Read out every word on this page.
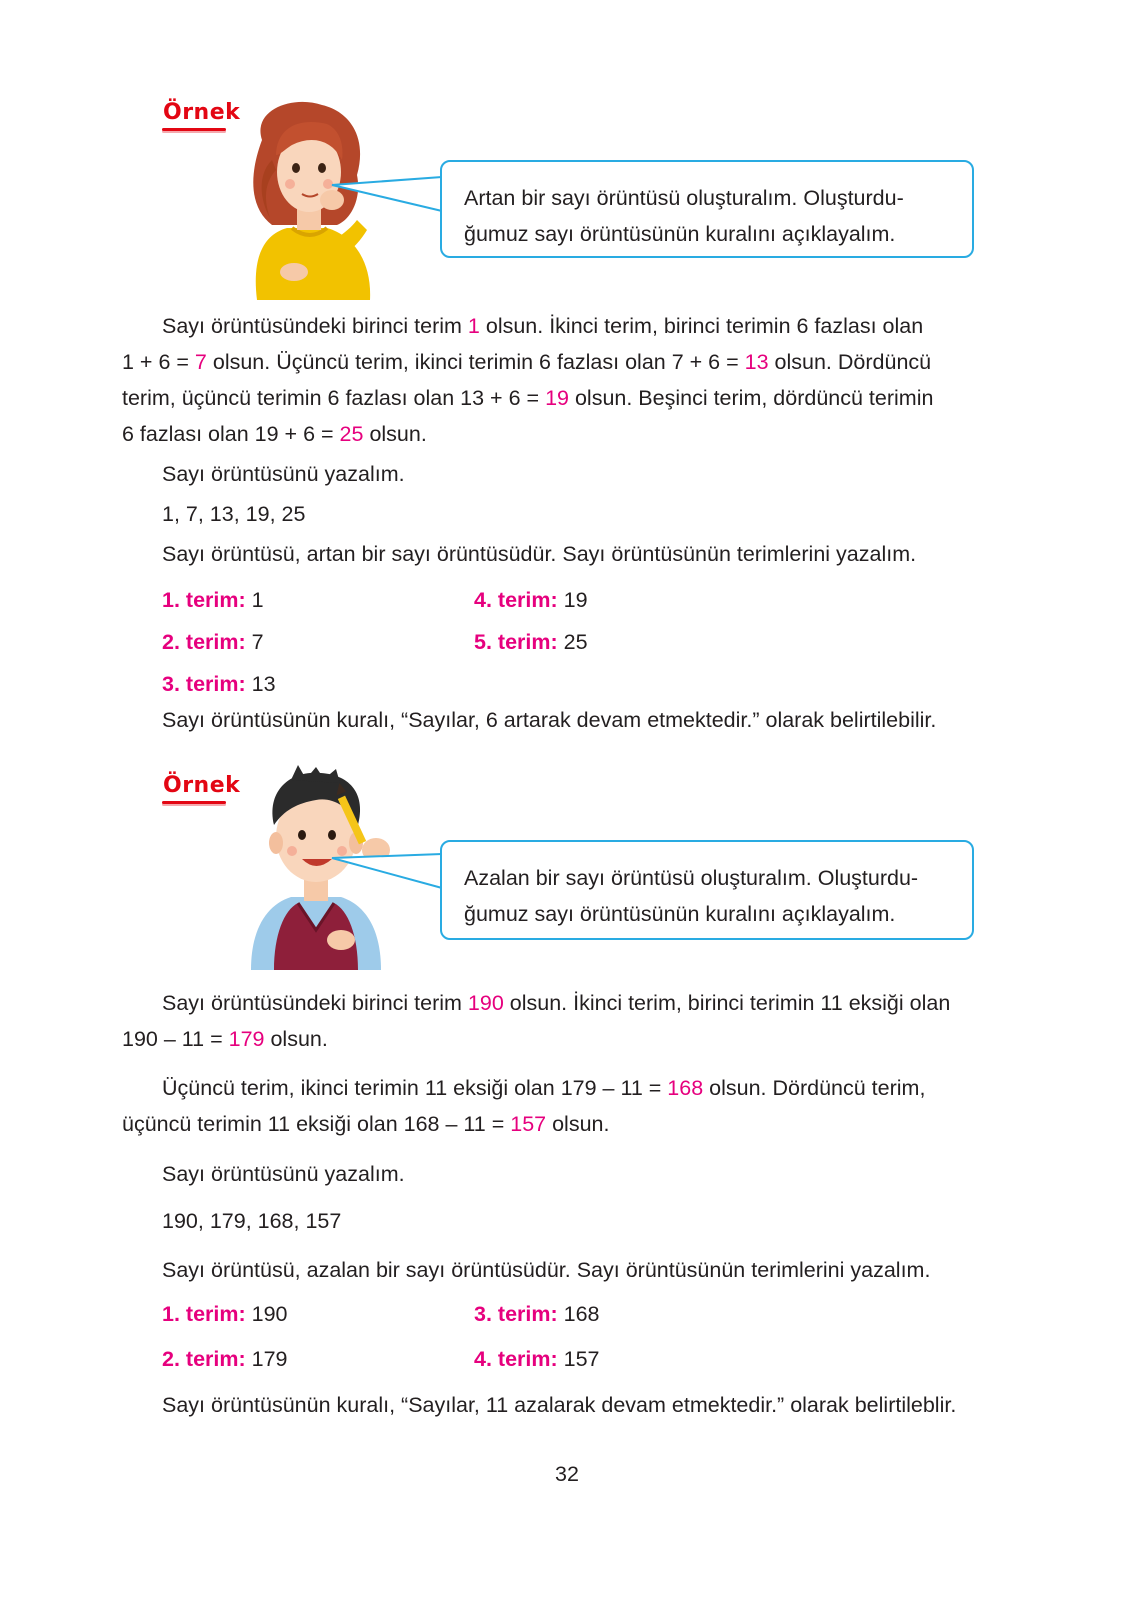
Örnek
Artan bir sayı örüntüsü oluşturalım. Oluşturdu-
ğumuz sayı örüntüsünün kuralını açıklayalım.
Sayı örüntüsündeki birinci terim 1 olsun. İkinci terim, birinci terimin 6 fazlası olan
1 + 6 = 7 olsun. Üçüncü terim, ikinci terimin 6 fazlası olan 7 + 6 = 13 olsun. Dördüncü
terim, üçüncü terimin 6 fazlası olan 13 + 6 = 19 olsun. Beşinci terim, dördüncü terimin
6 fazlası olan 19 + 6 = 25 olsun.
Sayı örüntüsünü yazalım.
1, 7, 13, 19, 25
Sayı örüntüsü, artan bir sayı örüntüsüdür. Sayı örüntüsünün terimlerini yazalım.
1. terim: 1
2. terim: 7
3. terim: 13
4. terim: 19
5. terim: 25
Sayı örüntüsünün kuralı, “Sayılar, 6 artarak devam etmektedir.” olarak belirtilebilir.
Örnek
Azalan bir sayı örüntüsü oluşturalım. Oluşturdu-
ğumuz sayı örüntüsünün kuralını açıklayalım.
Sayı örüntüsündeki birinci terim 190 olsun. İkinci terim, birinci terimin 11 eksiği olan
190 – 11 = 179 olsun.
Üçüncü terim, ikinci terimin 11 eksiği olan 179 – 11 = 168 olsun. Dördüncü terim,
üçüncü terimin 11 eksiği olan 168 – 11 = 157 olsun.
Sayı örüntüsünü yazalım.
190, 179, 168, 157
Sayı örüntüsü, azalan bir sayı örüntüsüdür. Sayı örüntüsünün terimlerini yazalım.
1. terim: 190
2. terim: 179
3. terim: 168
4. terim: 157
Sayı örüntüsünün kuralı, “Sayılar, 11 azalarak devam etmektedir.” olarak belirtileblir.
32
